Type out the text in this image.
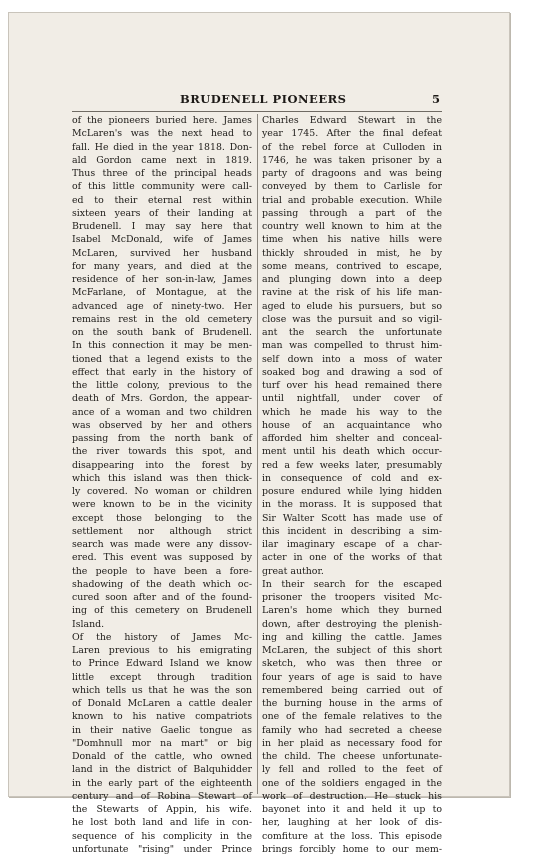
BRUDENELL PIONEERS	5
of the pioneers buried here. James
McLaren's was the next head to
fall. He died in the year 1818. Don-
ald Gordon came next in 1819.
Thus three of the principal heads
of this little community were call-
ed to their eternal rest within
sixteen years of their landing at
Brudenell. I may say here that
Isabel McDonald, wife of James
McLaren, survived her husband
for many years, and died at the
residence of her son-in-law, James
McFarlane, of Montague, at the
advanced age of ninety-two. Her
remains rest in the old cemetery
on the south bank of Brudenell.
In this connection it may be men-
tioned that a legend exists to the
effect that early in the history of
the little colony, previous to the
death of Mrs. Gordon, the appear-
ance of a woman and two children
was observed by her and others
passing from the north bank of
the river towards this spot, and
disappearing into the forest by
which this island was then thick-
ly covered. No woman or children
were known to be in the vicinity
except those belonging to the
settlement nor although strict
search was made were any dissov-
ered. This event was supposed by
the people to have been a fore-
shadowing of the death which oc-
cured soon after and of the found-
ing of this cemetery on Brudenell
Island.
Of the history of James Mc-
Laren previous to his emigrating
to Prince Edward Island we know
little except through tradition
which tells us that he was the son
of Donald McLaren a cattle dealer
known to his native compatriots
in their native Gaelic tongue as
"Domhnull mor na mart" or big
Donald of the cattle, who owned
land in the district of Balquhidder
in the early part of the eighteenth
century and of Robina Stewart of
the Stewarts of Appin, his wife.
he lost both land and life in con-
sequence of his complicity in the
unfortunate "rising" under Prince
Charles Edward Stewart in the
year 1745. After the final defeat
of the rebel force at Culloden in
1746, he was taken prisoner by a
party of dragoons and was being
conveyed by them to Carlisle for
trial and probable execution. While
passing through a part of the
country well known to him at the
time when his native hills were
thickly shrouded in mist, he by
some means, contrived to escape,
and plunging down into a deep
ravine at the risk of his life man-
aged to elude his pursuers, but so
close was the pursuit and so vigil-
ant the search the unfortunate
man was compelled to thrust him-
self down into a moss of water
soaked bog and drawing a sod of
turf over his head remained there
until nightfall, under cover of
which he made his way to the
house of an acquaintance who
afforded him shelter and conceal-
ment until his death which occur-
red a few weeks later, presumably
in consequence of cold and ex-
posure endured while lying hidden
in the morass. It is supposed that
Sir Walter Scott has made use of
this incident in describing a sim-
ilar imaginary escape of a char-
acter in one of the works of that
great author.
In their search for the escaped
prisoner the troopers visited Mc-
Laren's home which they burned
down, after destroying the plenish-
ing and killing the cattle. James
McLaren, the subject of this short
sketch, who was then three or
four years of age is said to have
remembered being carried out of
the burning house in the arms of
one of the female relatives to the
family who had secreted a cheese
in her plaid as necessary food for
the child. The cheese unfortunate-
ly fell and rolled to the feet of
one of the soldiers engaged in the
work of destruction. He stuck his
bayonet into it and held it up to
her, laughing at her look of dis-
comfiture at the loss. This episode
brings forcibly home to our mem-
